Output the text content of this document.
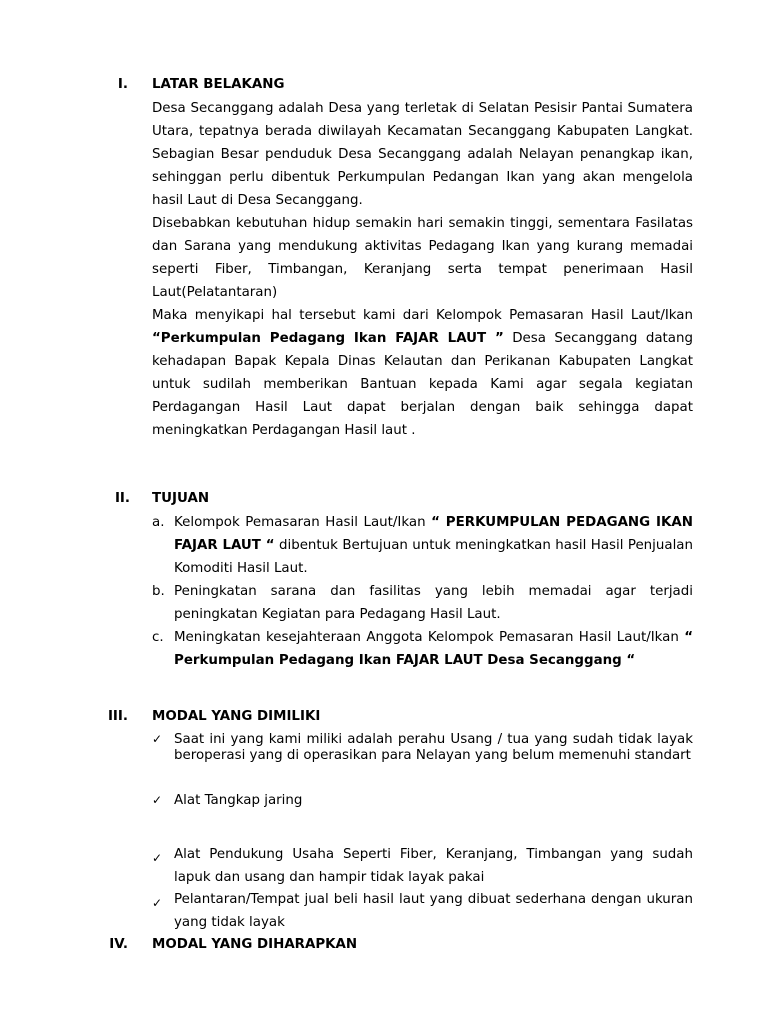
I. LATAR BELAKANG
Desa Secanggang adalah Desa yang terletak di Selatan Pesisir Pantai Sumatera Utara, tepatnya berada diwilayah Kecamatan Secanggang Kabupaten Langkat. Sebagian Besar penduduk Desa Secanggang adalah Nelayan penangkap ikan, sehinggan perlu dibentuk Perkumpulan Pedangan Ikan yang akan mengelola hasil Laut di Desa Secanggang.
Disebabkan kebutuhan hidup semakin hari semakin tinggi, sementara Fasilatas dan Sarana yang mendukung aktivitas Pedagang Ikan yang kurang memadai seperti Fiber, Timbangan, Keranjang serta tempat penerimaan Hasil Laut(Pelatantaran)
Maka menyikapi hal tersebut kami dari Kelompok Pemasaran Hasil Laut/Ikan “Perkumpulan Pedagang Ikan FAJAR LAUT ” Desa Secanggang datang kehadapan Bapak Kepala Dinas Kelautan dan Perikanan Kabupaten Langkat untuk sudilah memberikan Bantuan kepada Kami agar segala kegiatan Perdagangan Hasil Laut dapat berjalan dengan baik sehingga dapat meningkatkan Perdagangan Hasil laut .
II. TUJUAN
a. Kelompok Pemasaran Hasil Laut/Ikan “ PERKUMPULAN PEDAGANG IKAN FAJAR LAUT “ dibentuk Bertujuan untuk meningkatkan hasil Hasil Penjualan Komoditi Hasil Laut.
b. Peningkatan sarana dan fasilitas yang lebih memadai agar terjadi peningkatan Kegiatan para Pedagang Hasil Laut.
c. Meningkatan kesejahteraan Anggota Kelompok Pemasaran Hasil Laut/Ikan “ Perkumpulan Pedagang Ikan FAJAR LAUT Desa Secanggang “
III. MODAL YANG DIMILIKI
✓ Saat ini yang kami miliki adalah perahu Usang / tua yang sudah tidak layak beroperasi yang di operasikan para Nelayan yang belum memenuhi standart
✓ Alat Tangkap jaring
✓ Alat Pendukung Usaha Seperti Fiber, Keranjang, Timbangan yang sudah lapuk dan usang dan hampir tidak layak pakai
✓ Pelantaran/Tempat jual beli hasil laut yang dibuat sederhana dengan ukuran yang tidak layak
IV. MODAL YANG DIHARAPKAN
